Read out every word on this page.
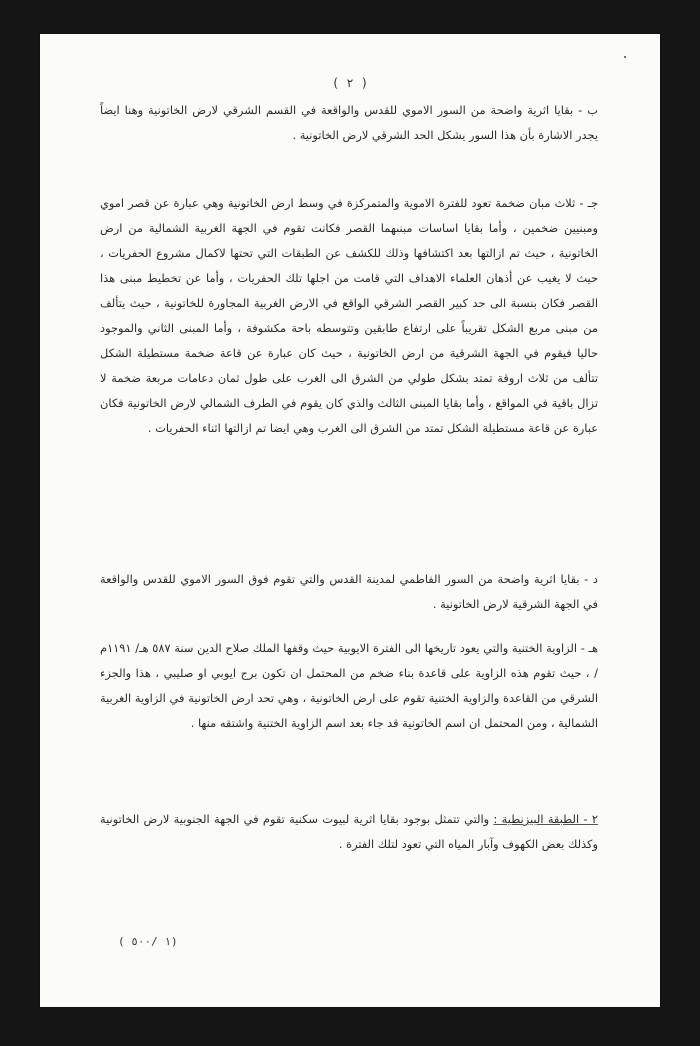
( ٢ )

ب - بقايا اثرية واضحة من السور الاموي للقدس والواقعة في القسم الشرقي لارض الخاتونية وهنا ايضاً يجدر الاشارة بأن هذا السور يشكل الحد الشرقي لارض الخاتونية .

جـ - ثلاث مبان ضخمة تعود للفترة الاموية والمتمركزة في وسط ارض الخاتونية وهي عبارة عن قصر اموي ومبنيين ضخمين ، وأما بقايا اساسات مبنىهما القصر فكانت تقوم في الجهة الغربية الشمالية من ارض الخاتونية ، حيث تم ازالتها بعد اكتشافها وذلك للكشف عن الطبقات التي تحتها لاكمال مشروع الحفريات ، حيث لا يغيب عن أذهان العلماء الاهداف التي قامت من اجلها تلك الحفريات ، وأما عن تخطيط مبنى هذا القصر فكان بنسبة الى حد كبير القصر الشرقي الواقع في الارض الغربية المجاورة للخاتونية ، حيث يتألف من مبنى مربع الشكل تقريباً على ارتفاع طابقين وتتوسطه باحة مكشوفة ، وأما المبنى الثاني والموجود حاليا فيقوم في الجهة الشرقية من ارض الخاتونية ، حيث كان عبارة عن قاعة ضخمة مستطيلة الشكل تتألف من ثلاث اروقة تمتد بشكل طولي من الشرق الى الغرب على طول ثمان دعامات مربعة ضخمة لا تزال باقية في المواقع ، وأما بقايا المبنى الثالث والذي كان يقوم في الطرف الشمالي لارض الخاتونية فكان عبارة عن قاعة مستطيلة الشكل تمتد من الشرق الى الغرب وهي ايضا تم ازالتها اثناء الحفريات .

د - بقايا اثرية واضحة من السور الفاطمي لمدينة القدس والتي تقوم فوق السور الاموي للقدس والواقعة في الجهة الشرقية لارض الخاتونية .

هـ - الزاوية الختنية والتي يعود تاريخها الى الفترة الايوبية حيث وقفها الملك صلاح الدين سنة ٥٨٧ هـ/ ١١٩١م / ، حيث تقوم هذه الزاوية على قاعدة بناء ضخم من المحتمل ان تكون برج ايوبي او صليبي ، هذا والجزء الشرقي من القاعدة والزاوية الختنية تقوم على ارض الخاتونية ، وهي تحد ارض الخاتونية في الزاوية الغربية الشمالية ، ومن المحتمل ان اسم الخاتونية قد جاء بعد اسم الزاوية الختنية واشتقه منها .

٢ - الطبقة البيزنطية : والتي تتمثل بوجود بقايا اثرية لبيوت سكنية تقوم في الجهة الجنوبية لارض الخاتونية وكذلك بعض الكهوف وآبار المياه التي تعود لتلك الفترة .

(١ /٥٠٠ )
